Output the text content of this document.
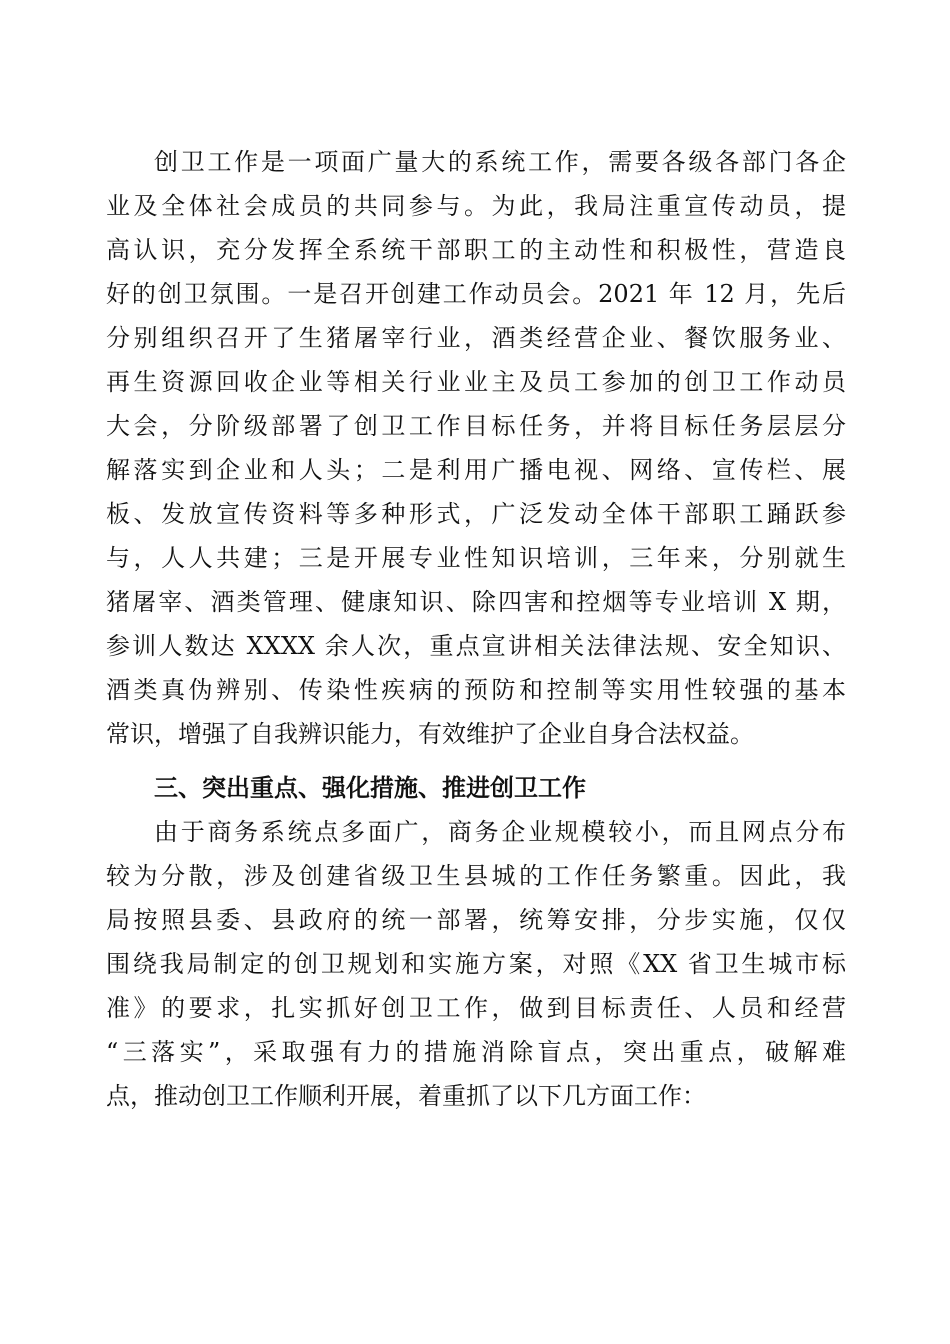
创卫工作是一项面广量大的系统工作，需要各级各部门各企
业及全体社会成员的共同参与。为此，我局注重宣传动员，提
高认识，充分发挥全系统干部职工的主动性和积极性，营造良
好的创卫氛围。一是召开创建工作动员会。2021 年 12 月，先后
分别组织召开了生猪屠宰行业，酒类经营企业、餐饮服务业、
再生资源回收企业等相关行业业主及员工参加的创卫工作动员
大会，分阶级部署了创卫工作目标任务，并将目标任务层层分
解落实到企业和人头；二是利用广播电视、网络、宣传栏、展
板、发放宣传资料等多种形式，广泛发动全体干部职工踊跃参
与，人人共建；三是开展专业性知识培训，三年来，分别就生
猪屠宰、酒类管理、健康知识、除四害和控烟等专业培训 X 期，
参训人数达 XXXX 余人次，重点宣讲相关法律法规、安全知识、
酒类真伪辨别、传染性疾病的预防和控制等实用性较强的基本
常识，增强了自我辨识能力，有效维护了企业自身合法权益。
三、突出重点、强化措施、推进创卫工作
由于商务系统点多面广，商务企业规模较小，而且网点分布
较为分散，涉及创建省级卫生县城的工作任务繁重。因此，我
局按照县委、县政府的统一部署，统筹安排，分步实施，仅仅
围绕我局制定的创卫规划和实施方案，对照《XX 省卫生城市标
准》的要求，扎实抓好创卫工作，做到目标责任、人员和经营
“三落实”，采取强有力的措施消除盲点，突出重点，破解难
点，推动创卫工作顺利开展，着重抓了以下几方面工作：
